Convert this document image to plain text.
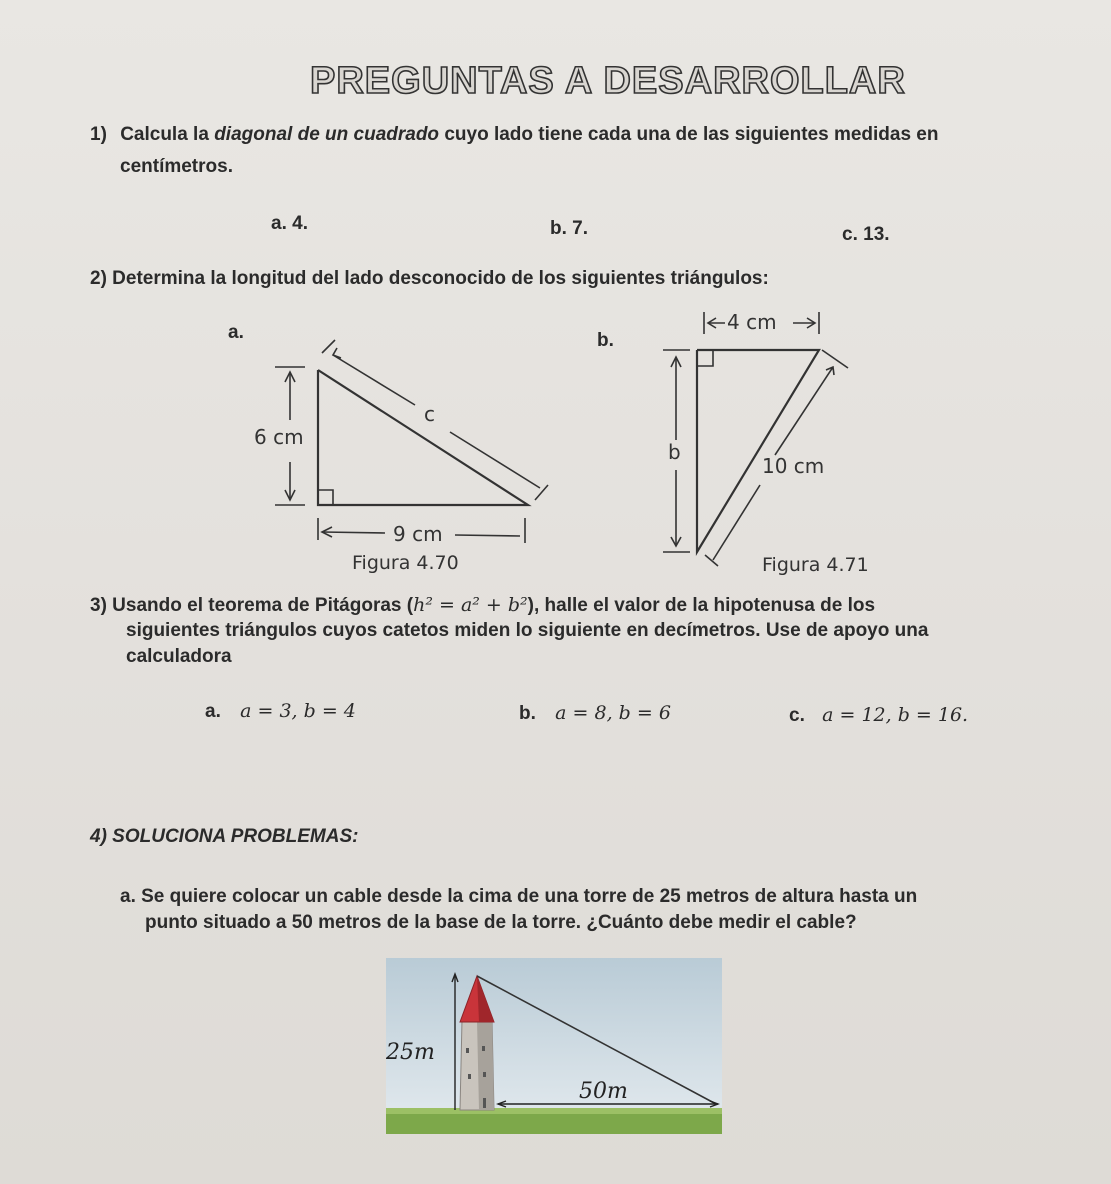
PREGUNTAS A DESARROLLAR
1) Calcula la diagonal de un cuadrado cuyo lado tiene cada una de las siguientes medidas en
centímetros.
a. 4.	b. 7.	c. 13.
2) Determina la longitud del lado desconocido de los siguientes triángulos:
a.
6 cm
9 cm
c
Figura 4.70
b.
4 cm
b
10 cm
Figura 4.71
3) Usando el teorema de Pitágoras (h² = a² + b²), halle el valor de la hipotenusa de los
siguientes triángulos cuyos catetos miden lo siguiente en decímetros. Use de apoyo una
calculadora
a. a = 3, b = 4	b. a = 8, b = 6	c. a = 12, b = 16.
4) SOLUCIONA PROBLEMAS:
a. Se quiere colocar un cable desde la cima de una torre de 25 metros de altura hasta un
punto situado a 50 metros de la base de la torre. ¿Cuánto debe medir el cable?
25m
50m
